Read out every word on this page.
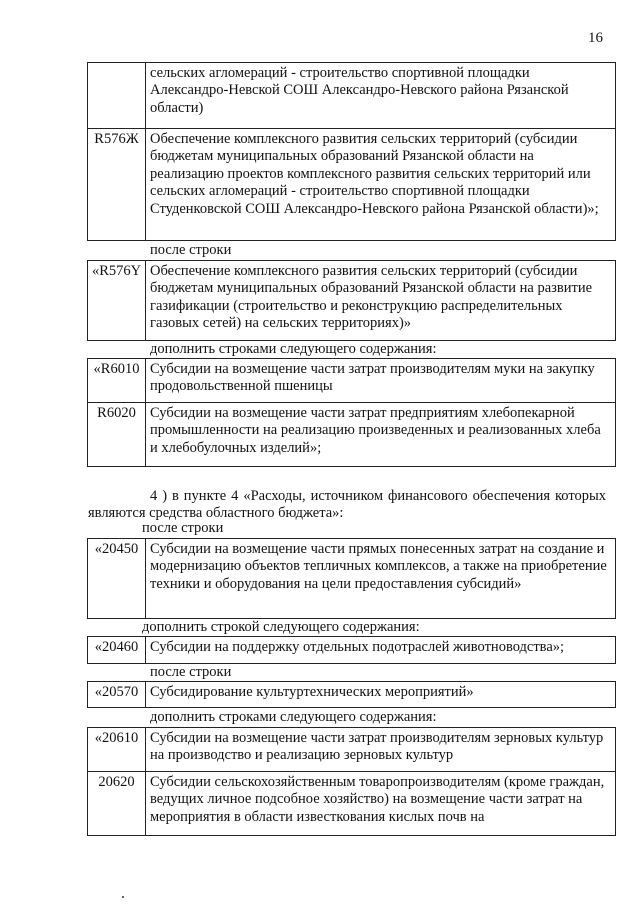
16
	сельских агломераций - строительство спортивной площадки Александро-Невской СОШ Александро-Невского района Рязанской области)
R576Ж	Обеспечение комплексного развития сельских территорий (субсидии бюджетам муниципальных образований Рязанской области на реализацию проектов комплексного развития сельских территорий или сельских агломераций - строительство спортивной площадки Студенковской СОШ Александро-Невского района Рязанской области)»;
после строки
«R576Y	Обеспечение комплексного развития сельских территорий (субсидии бюджетам муниципальных образований Рязанской области на развитие газификации (строительство и реконструкцию распределительных газовых сетей) на сельских территориях)»
дополнить строками следующего содержания:
«R6010	Субсидии на возмещение части затрат производителям муки на закупку продовольственной пшеницы
R6020	Субсидии на возмещение части затрат предприятиям хлебопекарной промышленности на реализацию произведенных и реализованных хлеба и хлебобулочных изделий»;
4 ) в пункте 4 «Расходы, источником финансового обеспечения которых являются средства областного бюджета»:
после строки
«20450	Субсидии на возмещение части прямых понесенных затрат на создание и модернизацию объектов тепличных комплексов, а также на приобретение техники и оборудования на цели предоставления субсидий»
дополнить строкой следующего содержания:
«20460	Субсидии на поддержку отдельных подотраслей животноводства»;
после строки
«20570	Субсидирование культуртехнических мероприятий»
дополнить строками следующего содержания:
«20610	Субсидии на возмещение части затрат производителям зерновых культур на производство и реализацию зерновых культур
20620	Субсидии сельскохозяйственным товаропроизводителям (кроме граждан, ведущих личное подсобное хозяйство) на возмещение части затрат на мероприятия в области известкования кислых почв на
